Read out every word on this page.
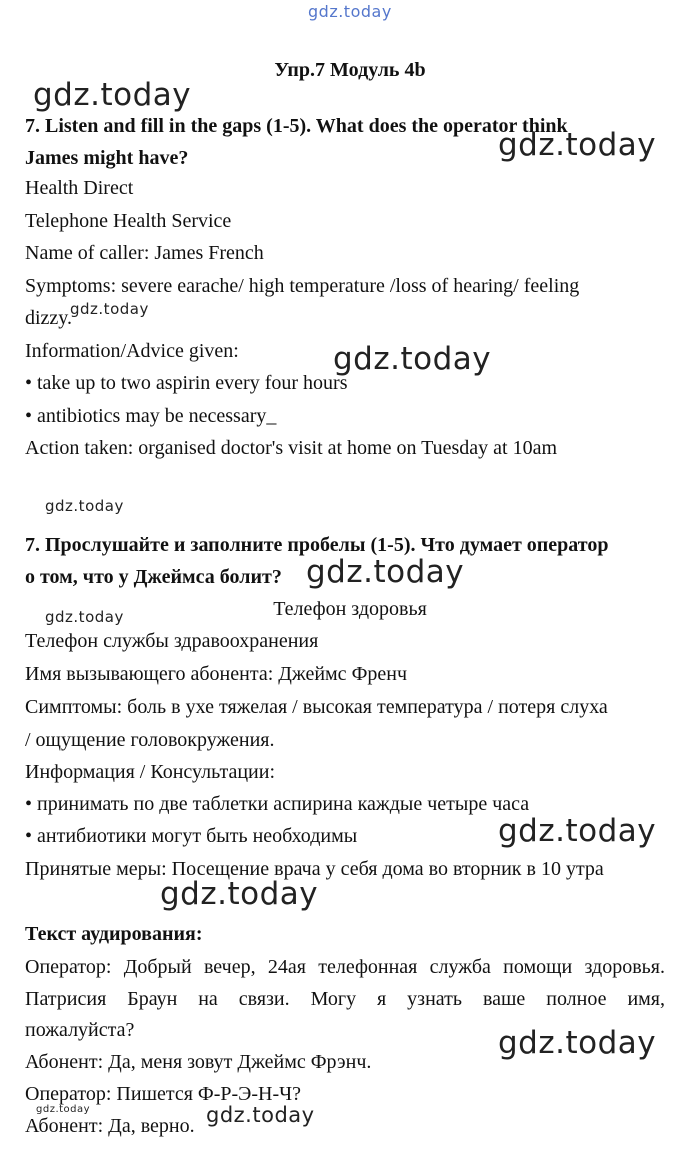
gdz.today
Упр.7 Модуль 4b
7. Listen and fill in the gaps (1-5). What does the operator think
James might have?
Health Direct
Telephone Health Service
Name of caller: James French
Symptoms: severe earache/ high temperature /loss of hearing/ feeling
dizzy.
Information/Advice given:
• take up to two aspirin every four hours
• antibiotics may be necessary_
Action taken: organised doctor's visit at home on Tuesday at 10am
7. Прослушайте и заполните пробелы (1-5). Что думает оператор
о том, что у Джеймса болит?
Телефон здоровья
Телефон службы здравоохранения
Имя вызывающего абонента: Джеймс Френч
Симптомы: боль в ухе тяжелая / высокая температура / потеря слуха
/ ощущение головокружения.
Информация / Консультации:
• принимать по две таблетки аспирина каждые четыре часа
• антибиотики могут быть необходимы
Принятые меры: Посещение врача у себя дома во вторник в 10 утра
Текст аудирования:
Оператор: Добрый вечер, 24ая телефонная служба помощи здоровья.
Патрисия Браун на связи. Могу я узнать ваше полное имя,
пожалуйста?
Абонент: Да, меня зовут Джеймс Фрэнч.
Оператор: Пишется Ф-Р-Э-Н-Ч?
Абонент: Да, верно.
gdz.today
gdz.today
gdz.today
gdz.today
gdz.today
gdz.today
gdz.today
gdz.today
gdz.today
gdz.today
gdz.today	gdz.today
